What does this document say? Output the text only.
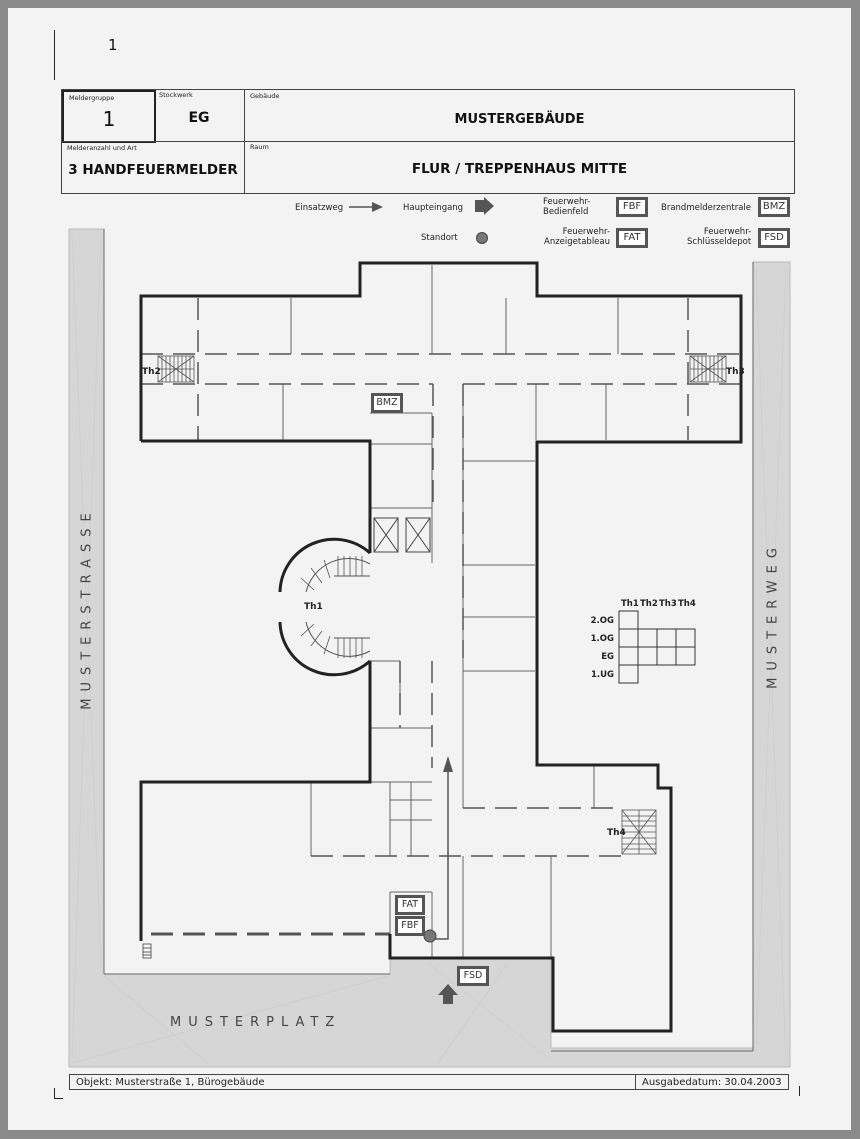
1
Meldergruppe
1
Stockwerk
EG
Gebäude
MUSTERGEBÄUDE
Melderanzahl und Art
3 HANDFEUERMELDER
Raum
FLUR / TREPPENHAUS MITTE
Einsatzweg	Haupteingang
Feuerwehr-
Bedienfeld	FBF	Brandmelderzentrale	BMZ
Standort
Feuerwehr-
Anzeigetableau	FAT	Feuerwehr-
Schlüsseldepot	FSD
Th2	Th3
Th1
Th4
Th1 Th2 Th3 Th4
2.OG
1.OG
EG
1.UG
BMZ
FAT
FBF
FSD
MUSTERSTRASSE	MUSTERWEG
MUSTERPLATZ
Objekt: Musterstraße 1, Bürogebäude	Ausgabedatum: 30.04.2003
